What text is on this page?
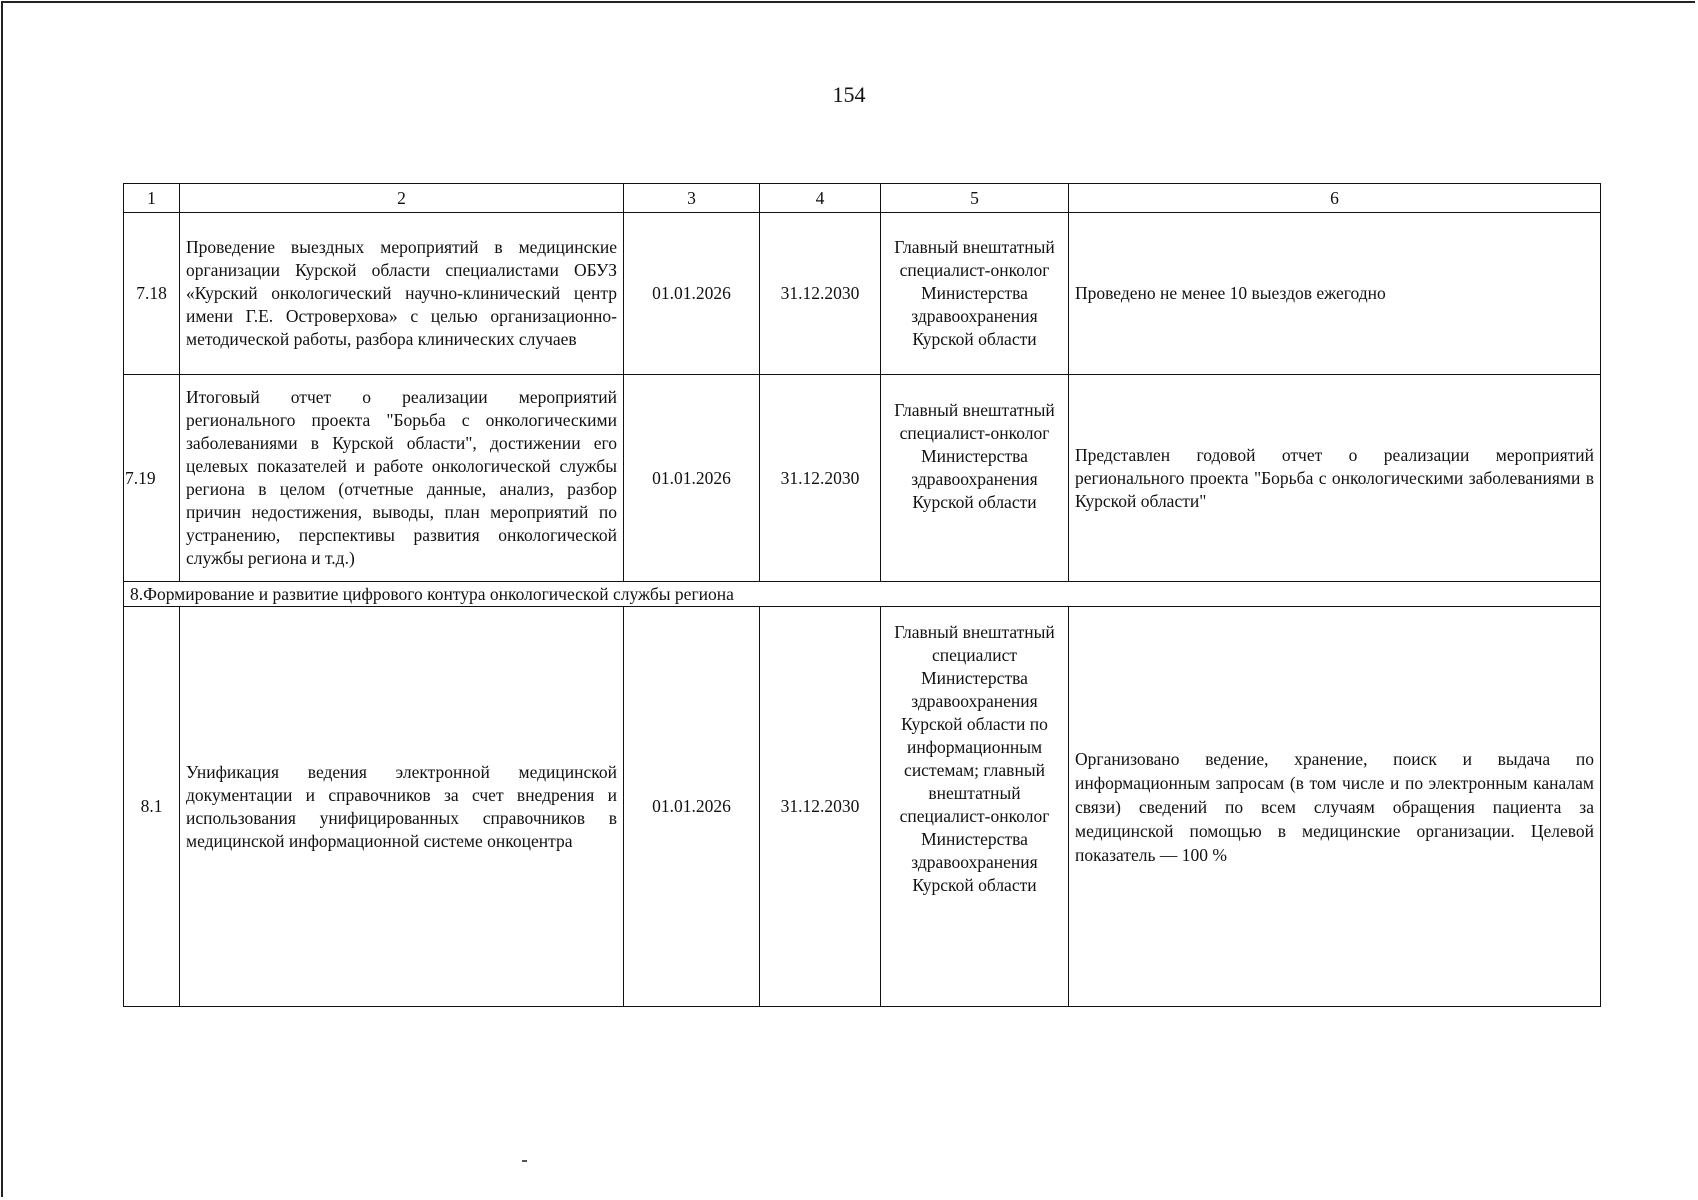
154
1	2	3	4	5	6
7.18	Проведение выездных мероприятий в медицинские организации Курской области специалистами ОБУЗ «Курский онкологический научно-клинический центр имени Г.Е. Островерхова» с целью организационно-методической работы, разбора клинических случаев	01.01.2026	31.12.2030	Главный внештатный специалист-онколог Министерства здравоохранения Курской области	Проведено не менее 10 выездов ежегодно
7.19	Итоговый отчет о реализации мероприятий регионального проекта "Борьба с онкологическими заболеваниями в Курской области", достижении его целевых показателей и работе онкологической службы региона в целом (отчетные данные, анализ, разбор причин недостижения, выводы, план мероприятий по устранению, перспективы развития онкологической службы региона и т.д.)	01.01.2026	31.12.2030	Главный внештатный специалист-онколог Министерства здравоохранения Курской области	Представлен годовой отчет о реализации мероприятий регионального проекта "Борьба с онкологическими заболеваниями в Курской области"
8.Формирование и развитие цифрового контура онкологической службы региона					
8.1	Унификация ведения электронной медицинской документации и справочников за счет внедрения и использования унифицированных справочников в медицинской информационной системе онкоцентра	01.01.2026	31.12.2030	Главный внештатный специалист Министерства здравоохранения Курской области по информационным системам; главный внештатный специалист-онколог Министерства здравоохранения Курской области	Организовано ведение, хранение, поиск и выдача по информационным запросам (в том числе и по электронным каналам связи) сведений по всем случаям обращения пациента за медицинской помощью в медицинские организации. Целевой показатель — 100 %
